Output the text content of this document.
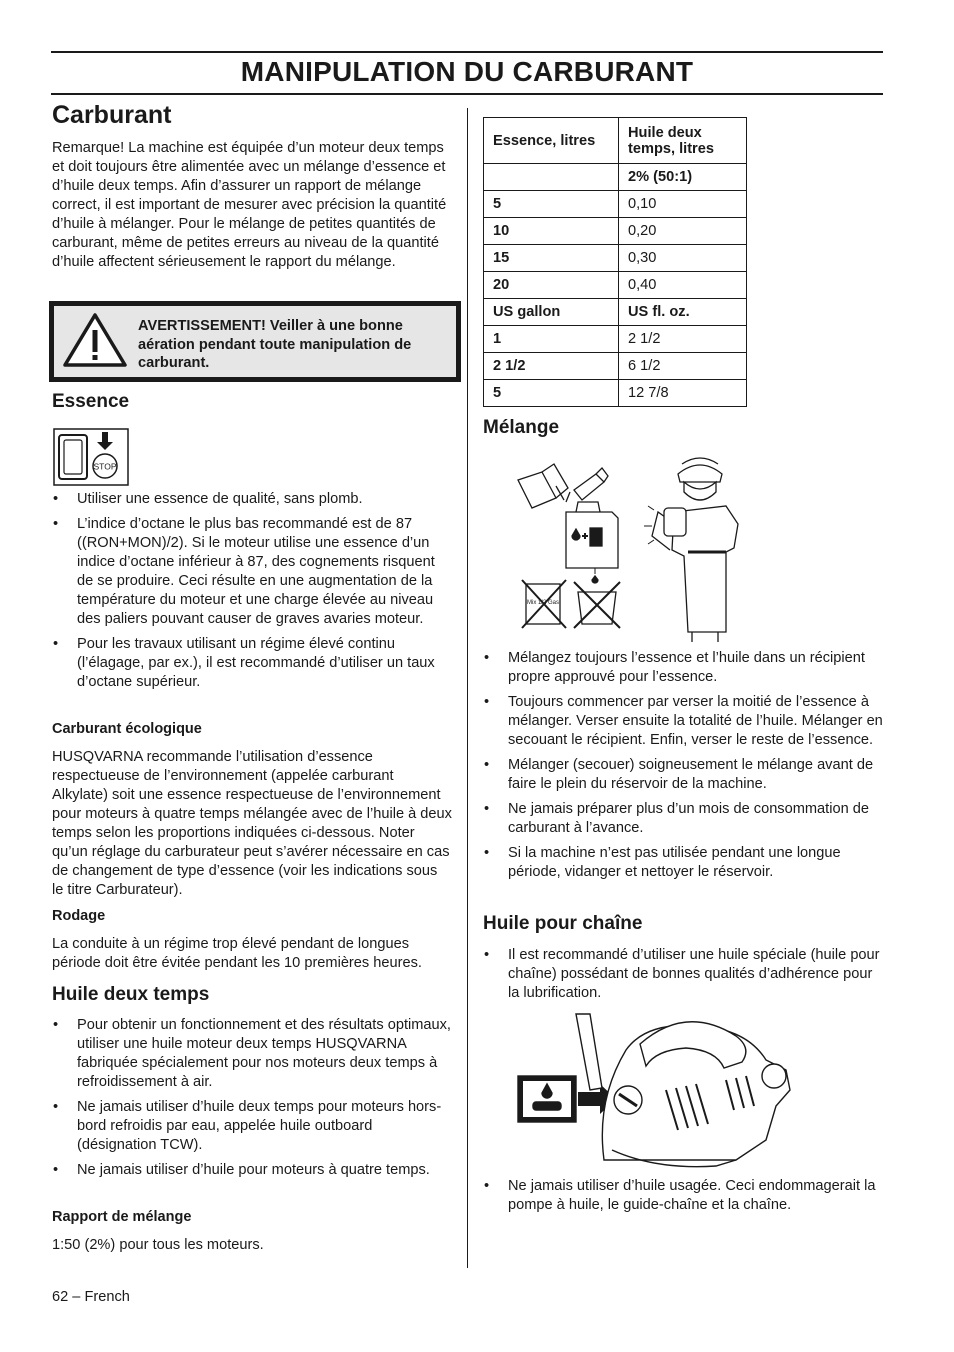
MANIPULATION DU CARBURANT
Carburant

Remarque! La machine est équipée d’un moteur deux temps et doit toujours être alimentée avec un mélange d’essence et d’huile deux temps. Afin d’assurer un rapport de mélange correct, il est important de mesurer avec précision la quantité d’huile à mélanger. Pour le mélange de petites quantités de carburant, même de petites erreurs au niveau de la quantité d’huile affectent sérieusement le rapport du mélange.

AVERTISSEMENT! Veiller à une bonne aération pendant toute manipulation de carburant.
Essence
STOP
• Utiliser une essence de qualité, sans plomb.
• L’indice d’octane le plus bas recommandé est de 87 ((RON+MON)/2). Si le moteur utilise une essence d’un indice d’octane inférieur à 87, des cognements risquent de se produire. Ceci résulte en une augmentation de la température du moteur et une charge élevée au niveau des paliers pouvant causer de graves avaries moteur.
• Pour les travaux utilisant un régime élevé continu (l’élagage, par ex.), il est recommandé d’utiliser un taux d’octane supérieur.
Carburant écologique

HUSQVARNA recommande l’utilisation d’essence respectueuse de l’environnement (appelée carburant Alkylate) soit une essence respectueuse de l’environnement pour moteurs à quatre temps mélangée avec de l’huile à deux temps selon les proportions indiquées ci-dessous. Noter qu’un réglage du carburateur peut s’avérer nécessaire en cas de changement de type d’essence (voir les indications sous le titre Carburateur).

Rodage

La conduite à un régime trop élevé pendant de longues période doit être évitée pendant les 10 premières heures.

Huile deux temps
• Pour obtenir un fonctionnement et des résultats optimaux, utiliser une huile moteur deux temps HUSQVARNA fabriquée spécialement pour nos moteurs deux temps à refroidissement à air.
• Ne jamais utiliser d’huile deux temps pour moteurs hors-bord refroidis par eau, appelée huile outboard (désignation TCW).
• Ne jamais utiliser d’huile pour moteurs à quatre temps.
Rapport de mélange

1:50 (2%) pour tous les moteurs.

Essence, litres	Huile deux temps, litres
	2% (50:1)
5	0,10
10	0,20
15	0,30
20	0,40
US gallon	US fl. oz.
1	2 1/2
2 1/2	6 1/2
5	12 7/8
Mélange
Mix 1/2 Gas
• Mélangez toujours l’essence et l’huile dans un récipient propre approuvé pour l’essence.
• Toujours commencer par verser la moitié de l’essence à mélanger. Verser ensuite la totalité de l’huile. Mélanger en secouant le récipient. Enfin, verser le reste de l’essence.
• Mélanger (secouer) soigneusement le mélange avant de faire le plein du réservoir de la machine.
• Ne jamais préparer plus d’un mois de consommation de carburant à l’avance.
• Si la machine n’est pas utilisée pendant une longue période, vidanger et nettoyer le réservoir.
Huile pour chaîne
• Il est recommandé d’utiliser une huile spéciale (huile pour chaîne) possédant de bonnes qualités d’adhérence pour la lubrification.
• Ne jamais utiliser d’huile usagée. Ceci endommagerait la pompe à huile, le guide-chaîne et la chaîne.
62 – French
